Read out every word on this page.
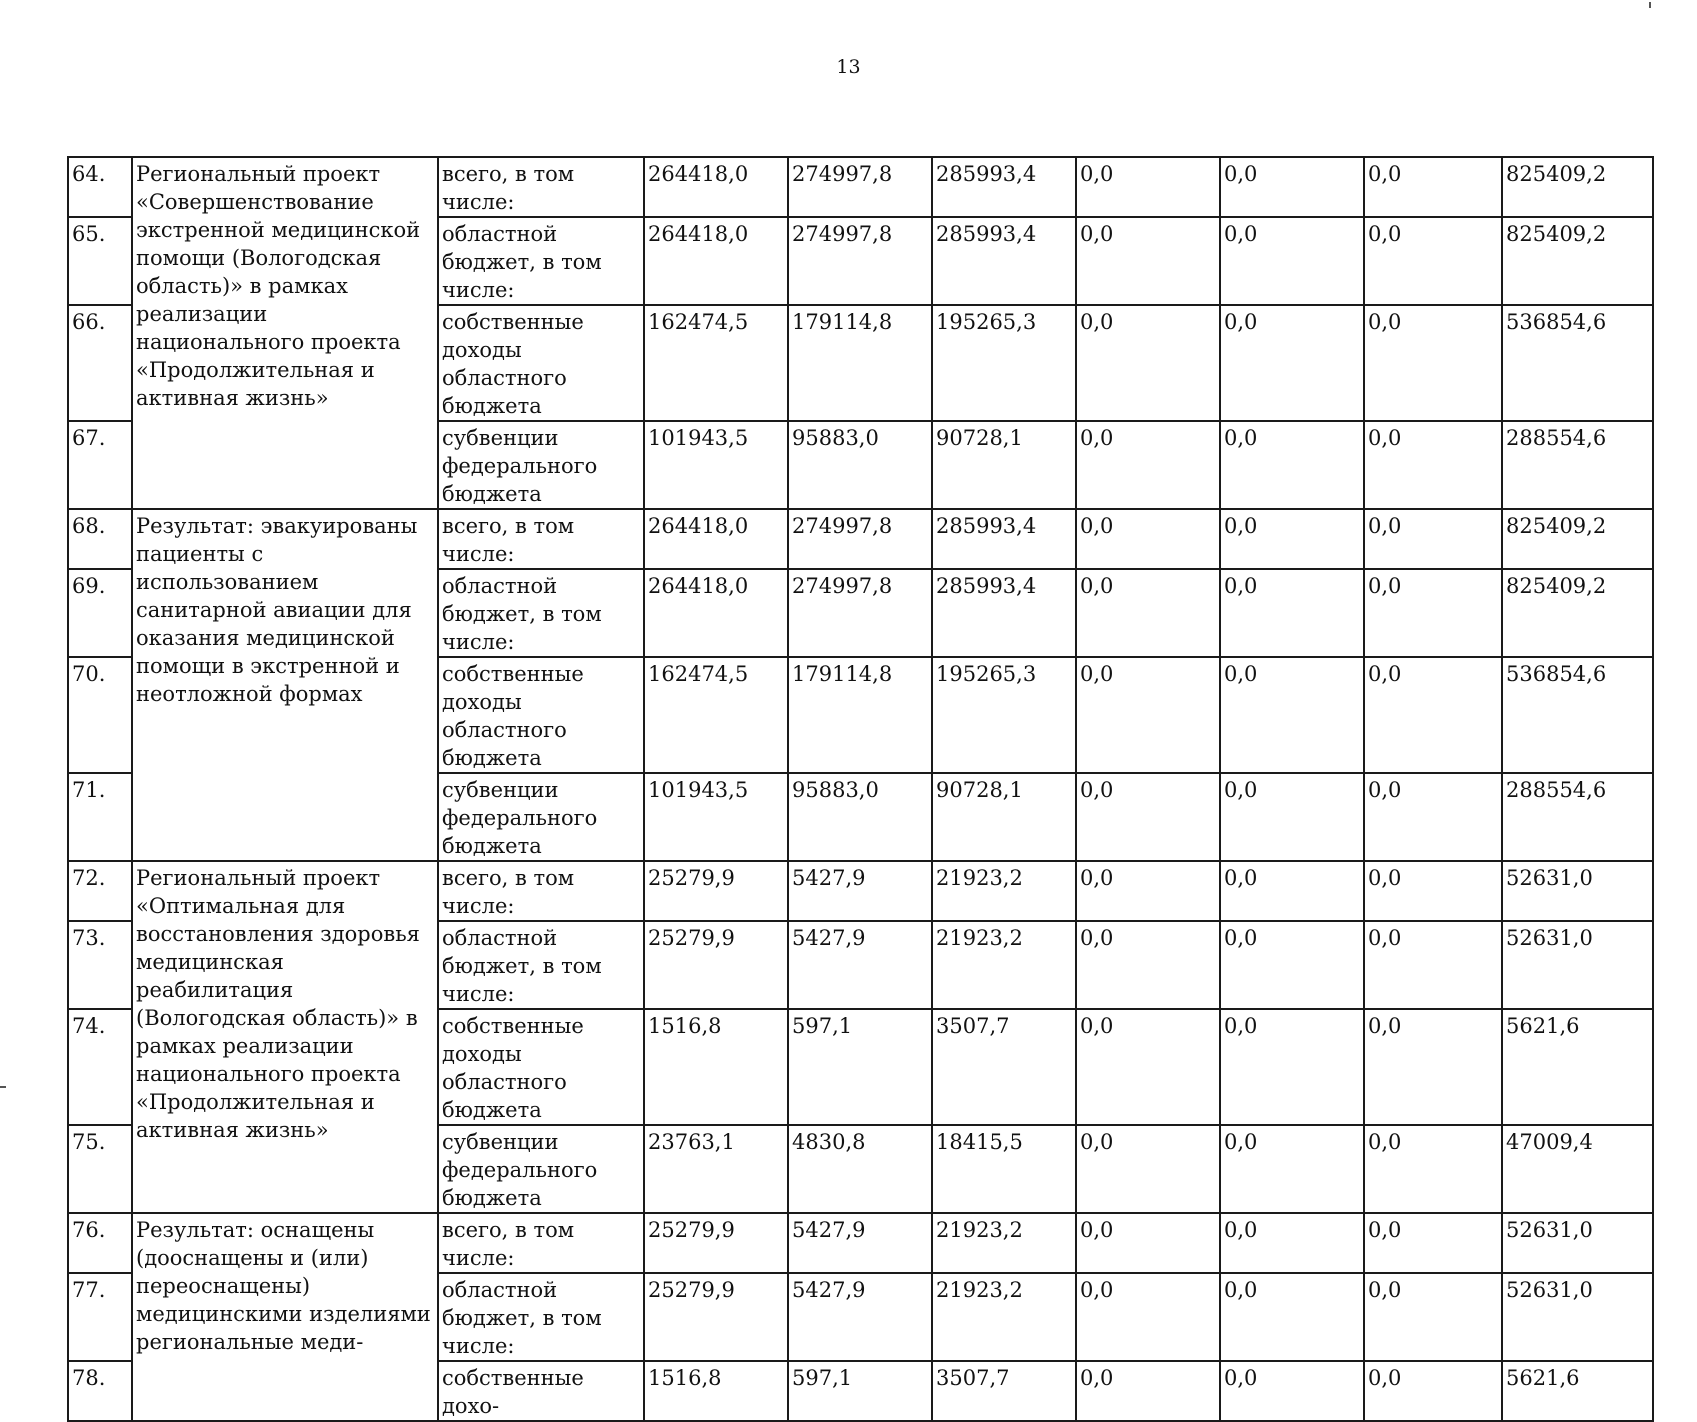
13
64.	Региональный проект «Совершенствование экстренной медицинской помощи (Вологодская область)» в рамках реализации национального проекта «Продолжительная и активная жизнь»	всего, в том числе:	264418,0	274997,8	285993,4	0,0	0,0	0,0	825409,2
65.		областной бюджет, в том числе:	264418,0	274997,8	285993,4	0,0	0,0	0,0	825409,2
66.		собственные доходы областного бюджета	162474,5	179114,8	195265,3	0,0	0,0	0,0	536854,6
67.		субвенции федерального бюджета	101943,5	95883,0	90728,1	0,0	0,0	0,0	288554,6
68.	Результат: эвакуированы пациенты с использованием санитарной авиации для оказания медицинской помощи в экстренной и неотложной формах	всего, в том числе:	264418,0	274997,8	285993,4	0,0	0,0	0,0	825409,2
69.		областной бюджет, в том числе:	264418,0	274997,8	285993,4	0,0	0,0	0,0	825409,2
70.		собственные доходы областного бюджета	162474,5	179114,8	195265,3	0,0	0,0	0,0	536854,6
71.		субвенции федерального бюджета	101943,5	95883,0	90728,1	0,0	0,0	0,0	288554,6
72.	Региональный проект «Оптимальная для восстановления здоровья медицинская реабилитация (Вологодская область)» в рамках реализации национального проекта «Продолжительная и активная жизнь»	всего, в том числе:	25279,9	5427,9	21923,2	0,0	0,0	0,0	52631,0
73.		областной бюджет, в том числе:	25279,9	5427,9	21923,2	0,0	0,0	0,0	52631,0
74.		собственные доходы областного бюджета	1516,8	597,1	3507,7	0,0	0,0	0,0	5621,6
75.		субвенции федерального бюджета	23763,1	4830,8	18415,5	0,0	0,0	0,0	47009,4
76.	Результат: оснащены (дооснащены и (или) переоснащены) медицинскими изделиями региональные меди-	всего, в том числе:	25279,9	5427,9	21923,2	0,0	0,0	0,0	52631,0
77.		областной бюджет, в том числе:	25279,9	5427,9	21923,2	0,0	0,0	0,0	52631,0
78.		собственные дохо-	1516,8	597,1	3507,7	0,0	0,0	0,0	5621,6
